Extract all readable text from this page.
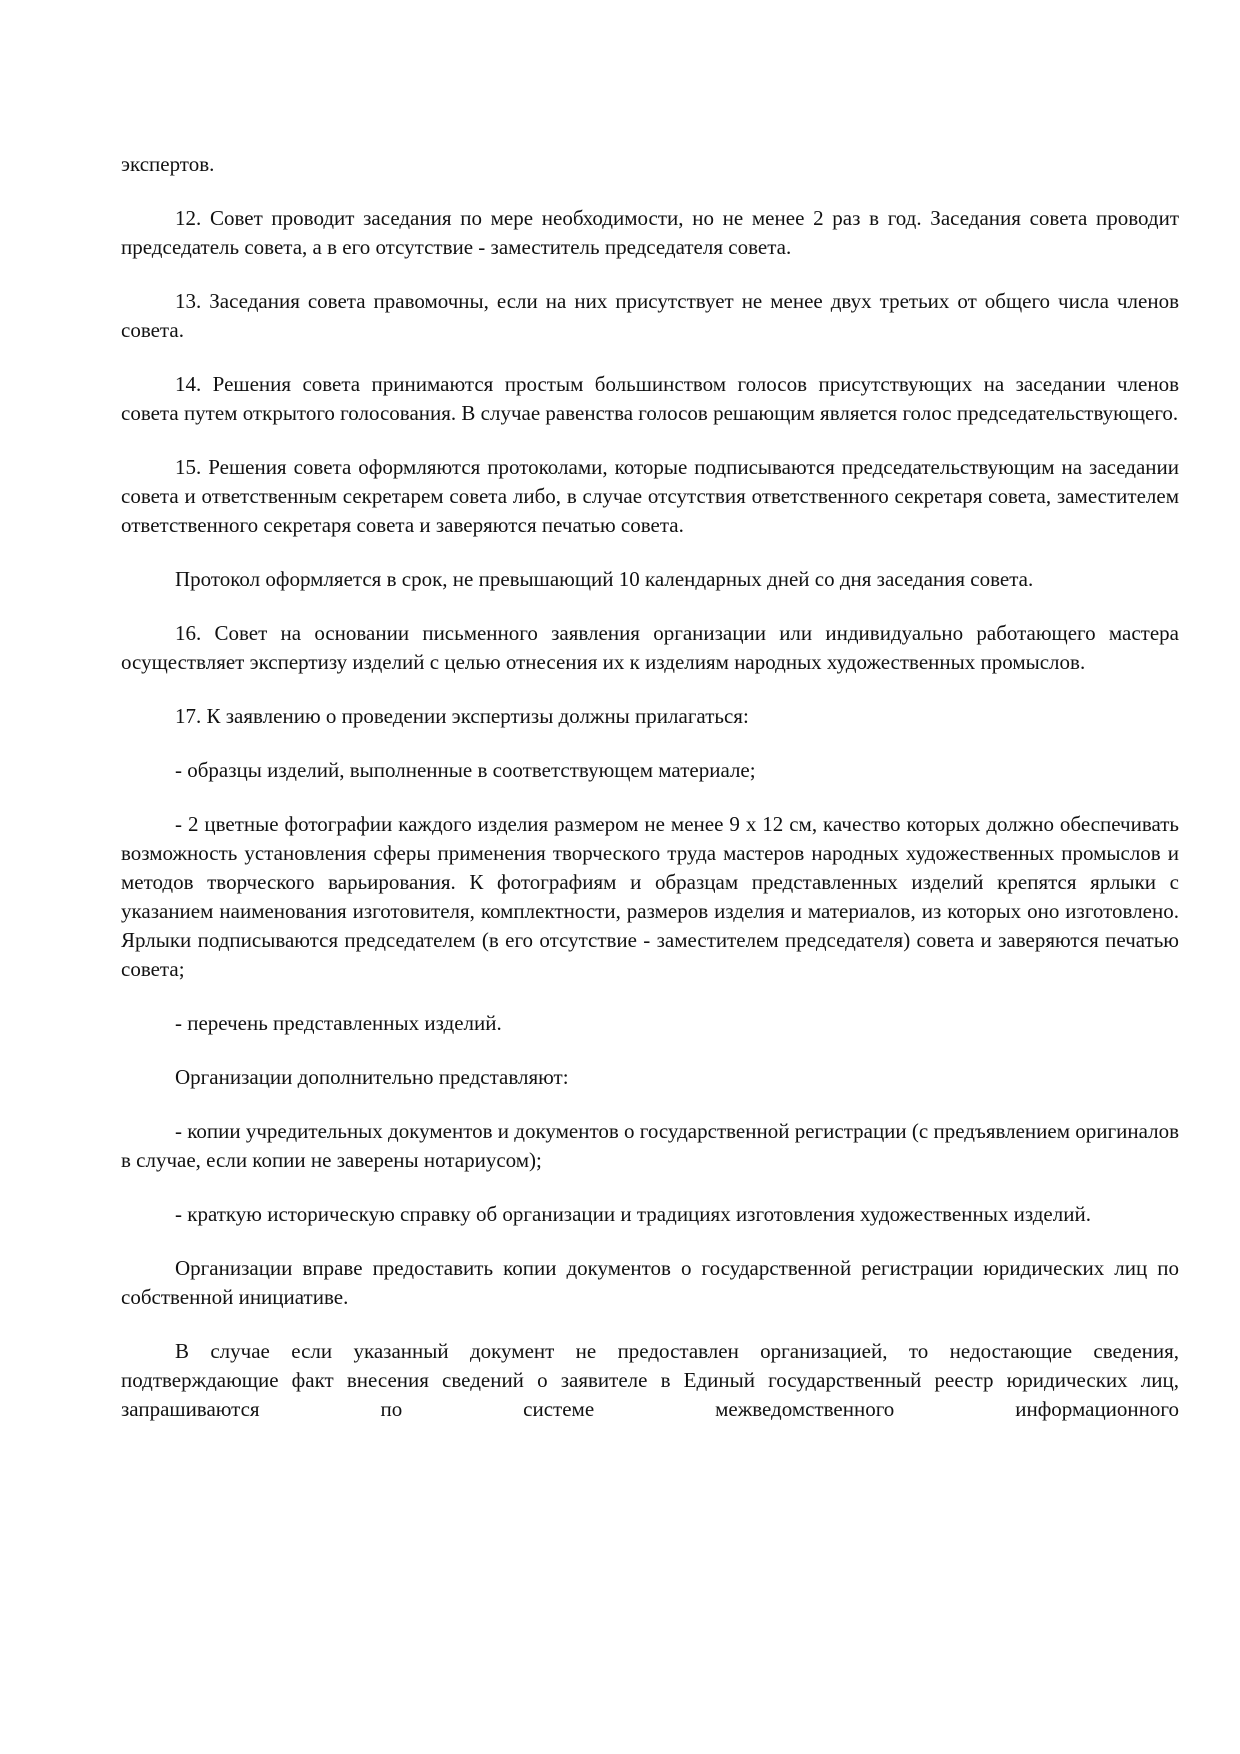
экспертов.

12. Совет проводит заседания по мере необходимости, но не менее 2 раз в год. Заседания совета проводит председатель совета, а в его отсутствие - заместитель председателя совета.

13. Заседания совета правомочны, если на них присутствует не менее двух третьих от общего числа членов совета.

14. Решения совета принимаются простым большинством голосов присутствующих на заседании членов совета путем открытого голосования. В случае равенства голосов решающим является голос председательствующего.

15. Решения совета оформляются протоколами, которые подписываются председательствующим на заседании совета и ответственным секретарем совета либо, в случае отсутствия ответственного секретаря совета, заместителем ответственного секретаря совета и заверяются печатью совета.

Протокол оформляется в срок, не превышающий 10 календарных дней со дня заседания совета.

16. Совет на основании письменного заявления организации или индивидуально работающего мастера осуществляет экспертизу изделий с целью отнесения их к изделиям народных художественных промыслов.

17. К заявлению о проведении экспертизы должны прилагаться:

- образцы изделий, выполненные в соответствующем материале;

- 2 цветные фотографии каждого изделия размером не менее 9 x 12 см, качество которых должно обеспечивать возможность установления сферы применения творческого труда мастеров народных художественных промыслов и методов творческого варьирования. К фотографиям и образцам представленных изделий крепятся ярлыки с указанием наименования изготовителя, комплектности, размеров изделия и материалов, из которых оно изготовлено. Ярлыки подписываются председателем (в его отсутствие - заместителем председателя) совета и заверяются печатью совета;

- перечень представленных изделий.

Организации дополнительно представляют:

- копии учредительных документов и документов о государственной регистрации (с предъявлением оригиналов в случае, если копии не заверены нотариусом);

- краткую историческую справку об организации и традициях изготовления художественных изделий.

Организации вправе предоставить копии документов о государственной регистрации юридических лиц по собственной инициативе.

В случае если указанный документ не предоставлен организацией, то недостающие сведения, подтверждающие факт внесения сведений о заявителе в Единый государственный реестр юридических лиц, запрашиваются по системе межведомственного информационного
